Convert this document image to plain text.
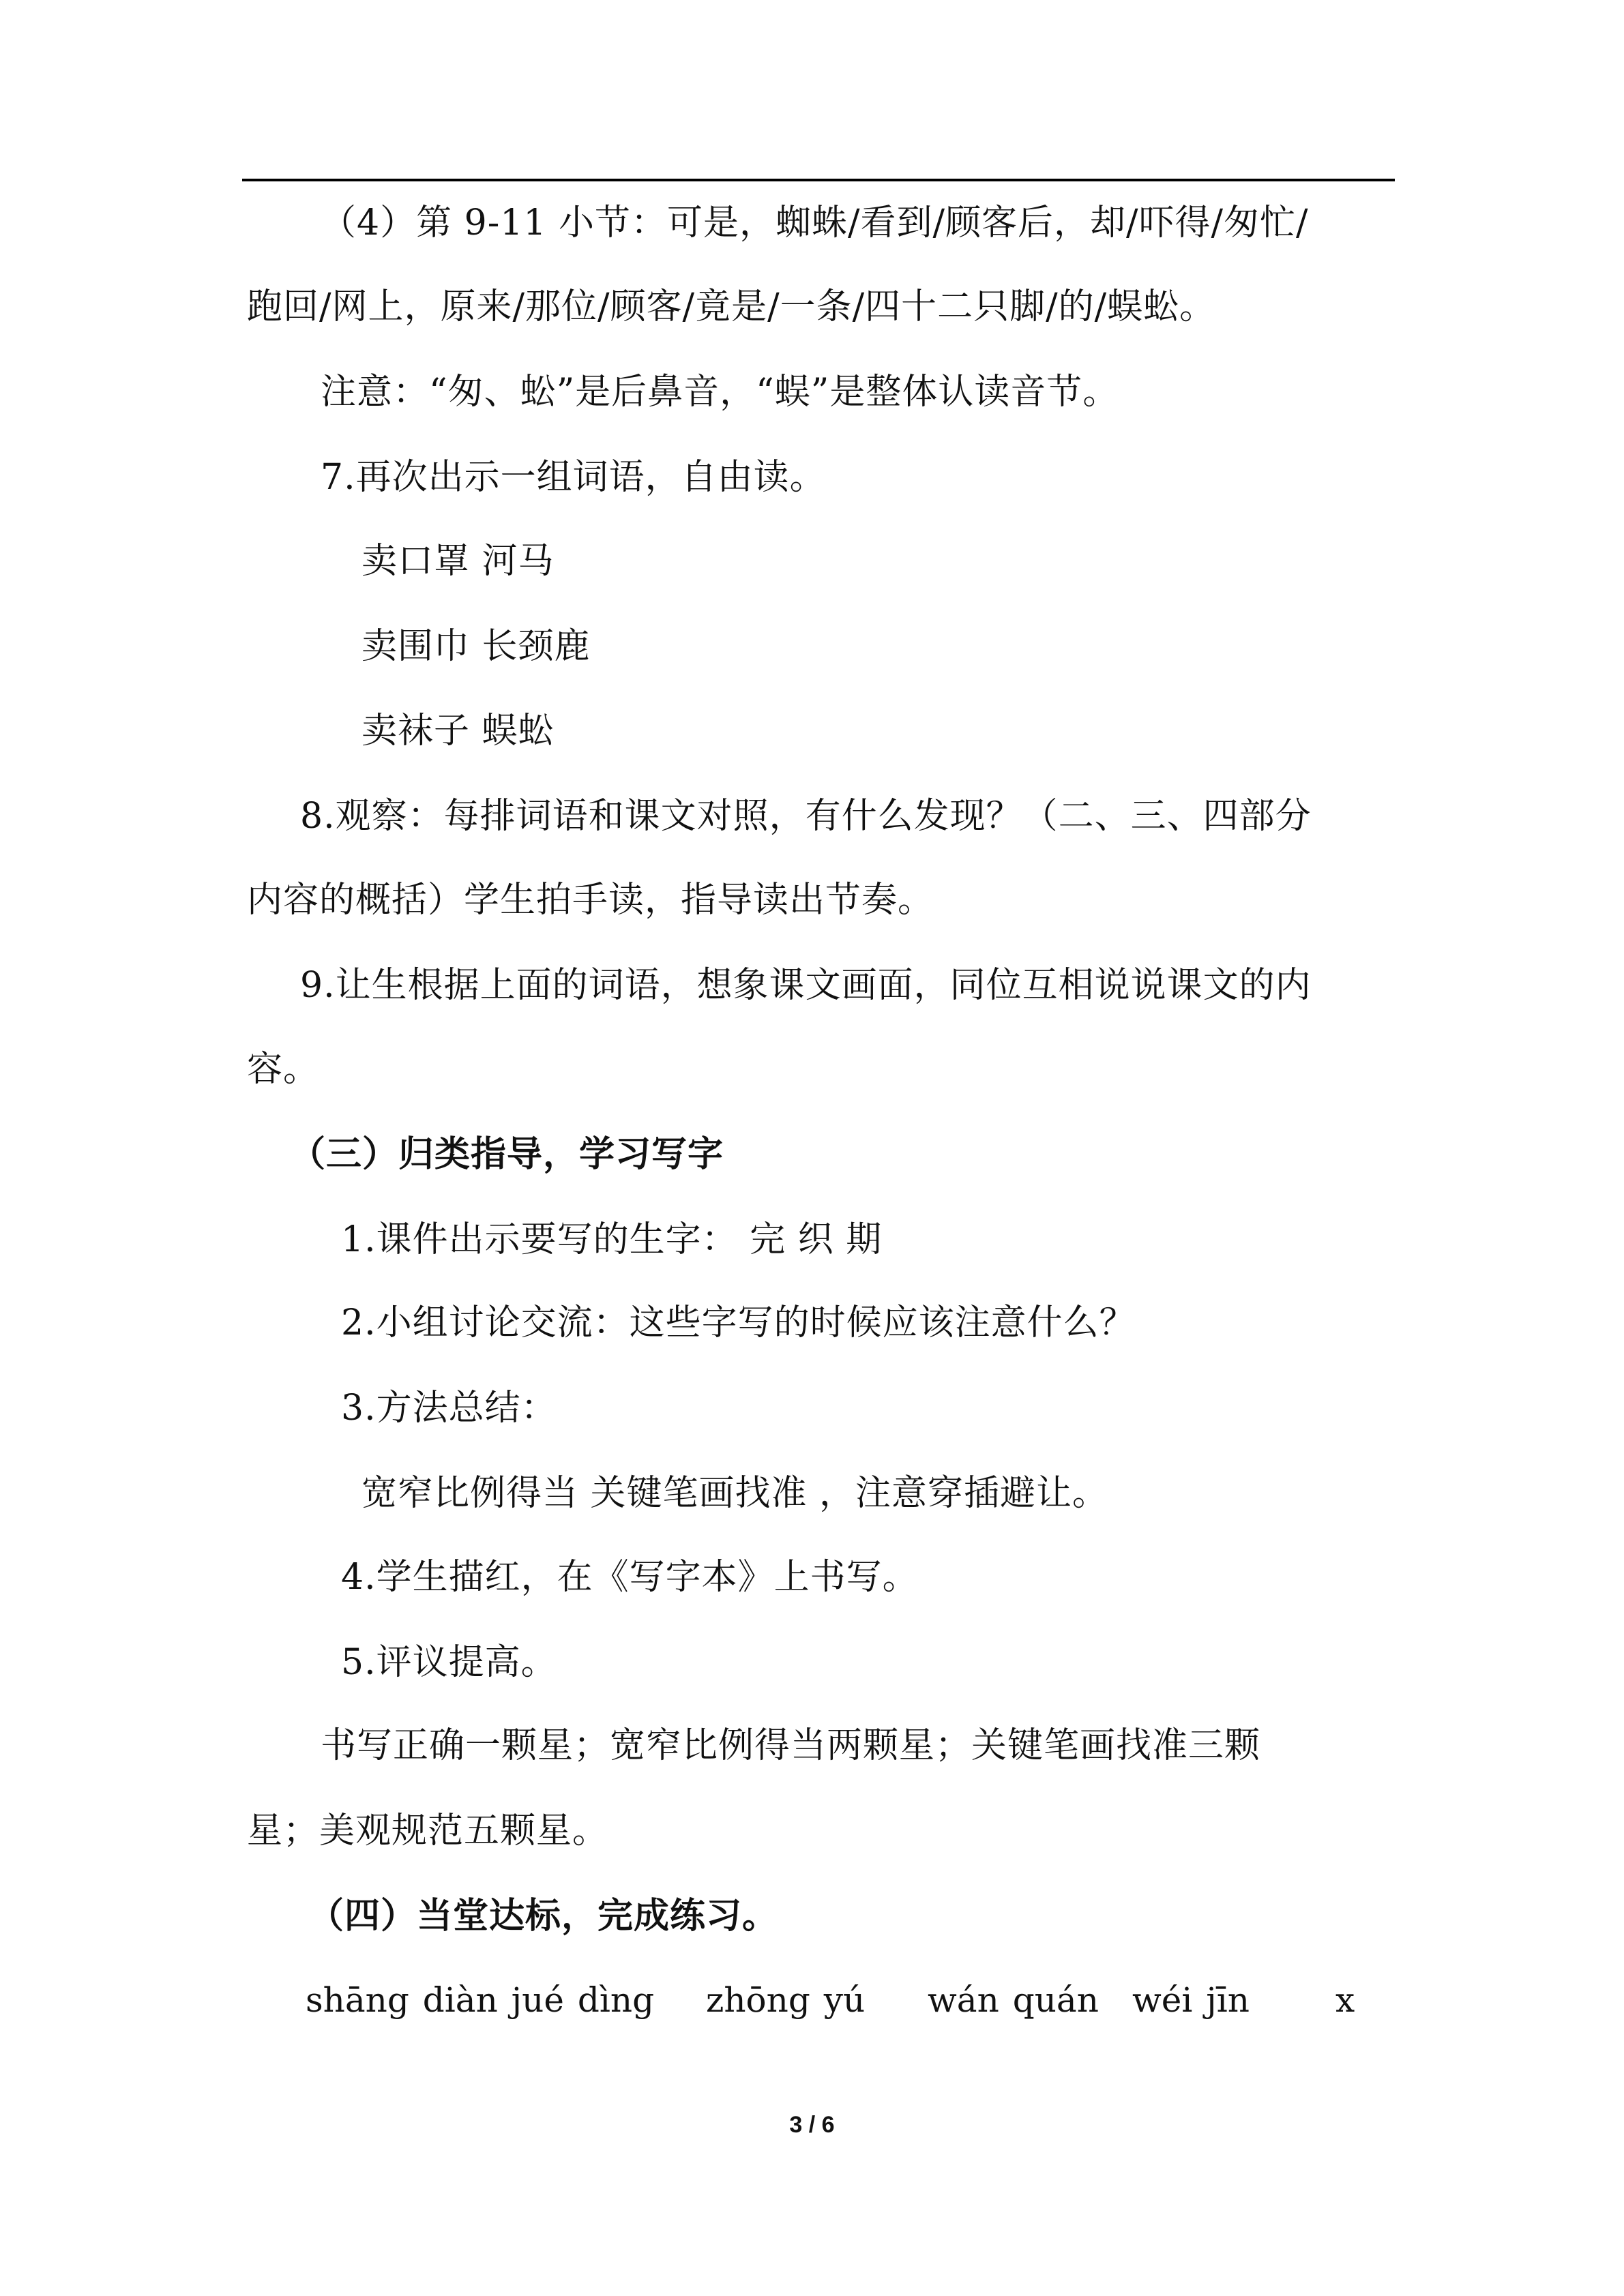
（4）第 9-11 小节：可是，蜘蛛/看到/顾客后，却/吓得/匆忙/
跑回/网上，原来/那位/顾客/竟是/一条/四十二只脚/的/蜈蚣。
注意：“匆、蚣”是后鼻音，“蜈”是整体认读音节。
7.再次出示一组词语，自由读。
卖口罩 河马
卖围巾 长颈鹿
卖袜子 蜈蚣
8.观察：每排词语和课文对照，有什么发现？（二、三、四部分
内容的概括）学生拍手读，指导读出节奏。
9.让生根据上面的词语，想象课文画面，同位互相说说课文的内
容。
（三）归类指导，学习写字
1.课件出示要写的生字： 完 织 期
2.小组讨论交流：这些字写的时候应该注意什么？
3.方法总结：
宽窄比例得当 关键笔画找准 ，注意穿插避让。
4.学生描红，在《写字本》上书写。
5.评议提高。
书写正确一颗星；宽窄比例得当两颗星；关键笔画找准三颗
星；美观规范五颗星。
（四）当堂达标，完成练习。
shāng diàn jué dìng zhōng yú wán quán wéi jīn	x
3 / 6
